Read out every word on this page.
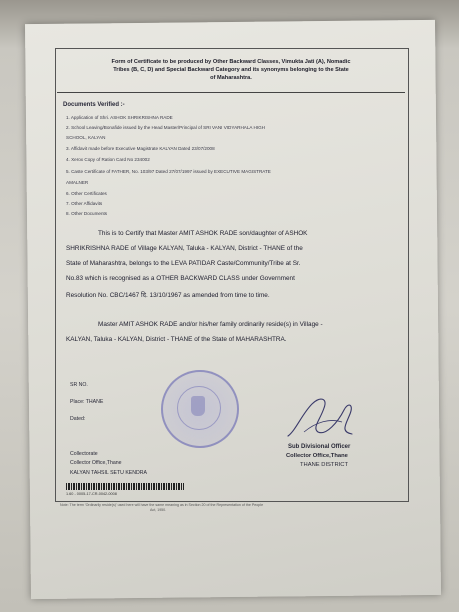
Form of Certificate to be produced by Other Backward Classes, Vimukta Jati (A), Nomadic
Tribes (B, C, D) and Special Backward Category and its synonyms belonging to the State
of Maharashtra.
Documents Verified :-
1. Application of Shri. ASHOK SHRIKRISHNA RADE
2. School Leaving/Bonafide issued by the Head Master/Principal of SRI VANI VIDYARHALA HIGH
SCHOOL, KALYAN
3. Affidavit made before Executive Magistrate KALYAN Dated 23/07/2008
4. Xerox Copy of Ration Card No 234002
5. Caste Certificate of FATHER, No. 103/97 Dated 27/07/1997 issued by EXECUTIVE MAGISTRATE
AMALNER
6. Other Certificates
7. Other Affidavits
8. Other Documents
This is to Certify that Master AMIT ASHOK RADE son/daughter of ASHOK
SHRIKRISHNA RADE of Village KALYAN, Taluka - KALYAN, District - THANE of the
State of Maharashtra, belongs to the LEVA PATIDAR Caste/Community/Tribe at Sr.
No.83 which is recognised as a OTHER BACKWARD CLASS under Government
Resolution No. CBC/1467 दि. 13/10/1967 as amended from time to time.
Master AMIT ASHOK RADE and/or his/her family ordinarily reside(s) in Village -
KALYAN, Taluka - KALYAN, District - THANE of the State of MAHARASHTRA.
SR NO.
Place: THANE
Dated:
Collectorate
Collector Office,Thane
KALYAN TAHSIL SETU KENDRA
1.60 - 0005-17-CR-0042-0008
Sub Divisional Officer
Collector Office,Thane
THANE DISTRICT
Note: The term 'Ordinarily reside(s)' used here will have the same meaning as in Section 20 of the Representation of the People
Act, 1950.
